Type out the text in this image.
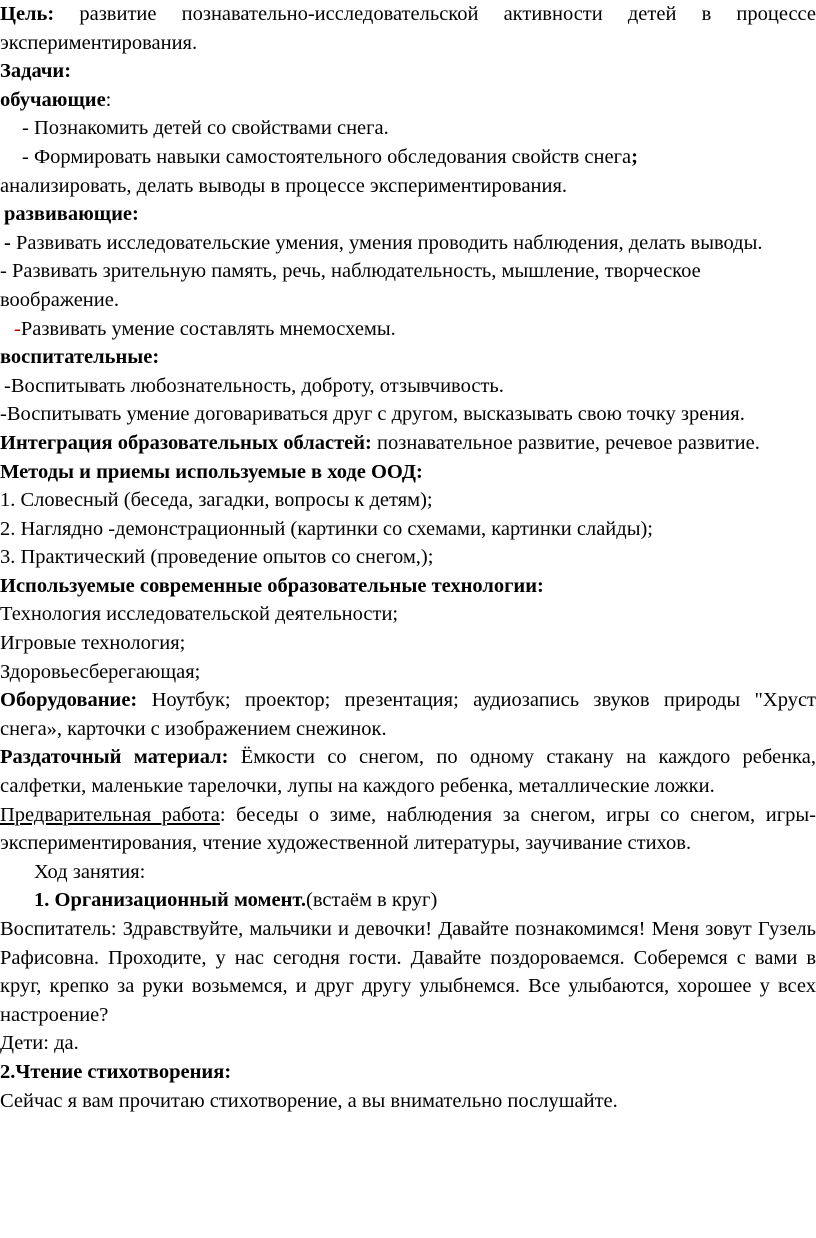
Цель: развитие познавательно-исследовательской активности детей в процессе экспериментирования.

Задачи:

обучающие:

- Познакомить детей со свойствами снега.

- Формировать навыки самостоятельного обследования свойств снега;

анализировать, делать выводы в процессе экспериментирования.

развивающие:

- Развивать исследовательские умения, умения проводить наблюдения, делать выводы.

- Развивать зрительную память, речь, наблюдательность, мышление, творческое воображение.

-Развивать умение составлять мнемосхемы.

воспитательные:

-Воспитывать любознательность, доброту, отзывчивость.

-Воспитывать умение договариваться друг с другом, высказывать свою точку зрения.

Интеграция образовательных областей: познавательное развитие, речевое развитие.

Методы и приемы используемые в ходе ООД:

1. Словесный (беседа, загадки, вопросы к детям);

2. Наглядно -демонстрационный (картинки со схемами, картинки слайды);

3. Практический (проведение опытов со снегом,);

Используемые современные образовательные технологии:

Технология исследовательской деятельности;

Игровые технология;

Здоровьесберегающая;

Оборудование: Ноутбук; проектор; презентация; аудиозапись звуков природы "Хруст снега», карточки с изображением снежинок.

Раздаточный материал: Ёмкости со снегом, по одному стакану на каждого ребенка, салфетки, маленькие тарелочки, лупы на каждого ребенка, металлические ложки.

Предварительная работа: беседы о зиме, наблюдения за снегом, игры со снегом, игры-экспериментирования, чтение художественной литературы, заучивание стихов.

Ход занятия:

1. Организационный момент.(встаём в круг)

Воспитатель: Здравствуйте, мальчики и девочки! Давайте познакомимся! Меня зовут Гузель Рафисовна. Проходите, у нас сегодня гости. Давайте поздороваемся. Соберемся с вами в круг, крепко за руки возьмемся, и друг другу улыбнемся. Все улыбаются, хорошее у всех настроение?

Дети: да.

2.Чтение стихотворения:

Сейчас я вам прочитаю стихотворение, а вы внимательно послушайте.
